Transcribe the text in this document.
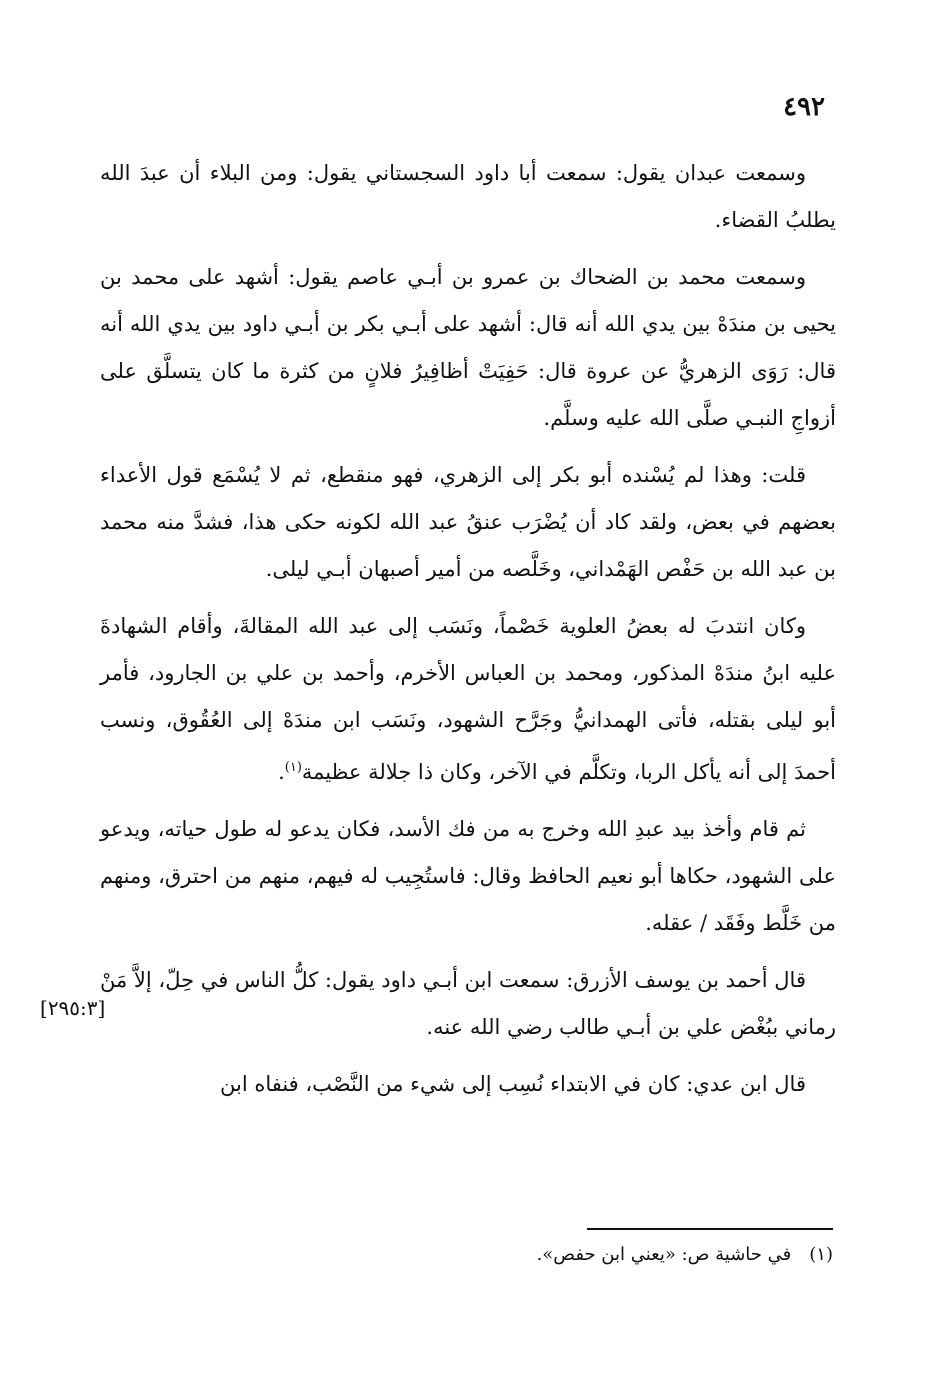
٤٩٢

وسمعت عبدان يقول: سمعت أبا داود السجستاني يقول: ومن البلاء أن عبدَ الله يطلبُ القضاء.

وسمعت محمد بن الضحاك بن عمرو بن أبـي عاصم يقول: أشهد على محمد بن يحيى بن مندَهْ بين يدي الله أنه قال: أشهد على أبـي بكر بن أبـي داود بين يدي الله أنه قال: رَوَى الزهريُّ عن عروة قال: حَفِيَتْ أظافِيرُ فلانٍ من كثرة ما كان يتسلَّق على أزواجِ النبـي صلَّى الله عليه وسلَّم.

قلت: وهذا لم يُسْنده أبو بكر إلى الزهري، فهو منقطع، ثم لا يُسْمَع قول الأعداء بعضهم في بعض، ولقد كاد أن يُضْرَب عنقُ عبد الله لكونه حكى هذا، فشدَّ منه محمد بن عبد الله بن حَفْص الهَمْداني، وخَلَّصه من أمير أصبهان أبـي ليلى.

وكان انتدبَ له بعضُ العلوية خَصْماً، ونَسَب إلى عبد الله المقالةَ، وأقام الشهادةَ عليه ابنُ مندَهْ المذكور، ومحمد بن العباس الأخرم، وأحمد بن علي بن الجارود، فأمر أبو ليلى بقتله، فأتى الهمدانيُّ وجَرَّح الشهود، ونَسَب ابن مندَهْ إلى العُقُوق، ونسب أحمدَ إلى أنه يأكل الربا، وتكلَّم في الآخر، وكان ذا جلالة عظيمة$^{(١)}$.

ثم قام وأخذ بيد عبدِ الله وخرج به من فك الأسد، فكان يدعو له طول حياته، ويدعو على الشهود، حكاها أبو نعيم الحافظ وقال: فاستُجِيب له فيهم، منهم من احترق، ومنهم من خَلَّط وفَقَد / عقله.

قال أحمد بن يوسف الأزرق: سمعت ابن أبـي داود يقول: كلُّ الناس في حِلّ، إلاَّ مَنْ رماني ببُغْض علي بن أبـي طالب رضي الله عنه.

قال ابن عدي: كان في الابتداء نُسِب إلى شيء من النَّصْب، فنفاه ابن

[٢٩٥:٣]
(١)في حاشية ص: «يعني ابن حفص».
